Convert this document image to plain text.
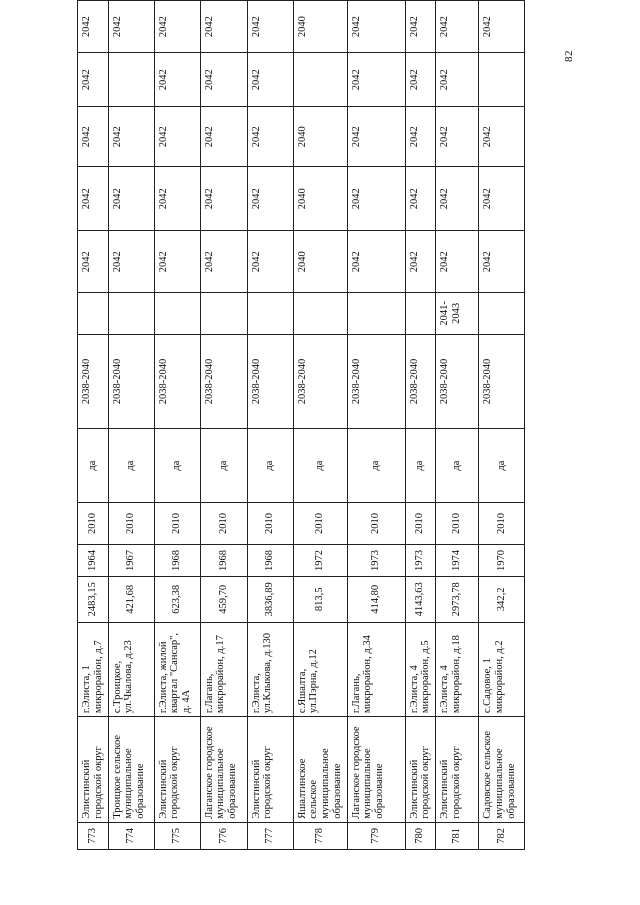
773	Элистинский городской округ	г.Элиста, 1 микрорайон, д.7	2483,15	1964	2010	да	2038-2040		2042	2042	2042	2042	2042
774	Троицкое сельское муниципальное образование	с.Троицкое, ул.Чкалова, д.23	421,68	1967	2010	да	2038-2040		2042	2042	2042		2042
775	Элистинский городской округ	г.Элиста, жилой квартал "Сансар", д. 4А	623,38	1968	2010	да	2038-2040		2042	2042	2042	2042	2042
776	Лаганское городское муниципальное образование	г.Лагань, микрорайон, д.17	459,70	1968	2010	да	2038-2040		2042	2042	2042	2042	2042
777	Элистинский городской округ	г.Элиста, ул.Клыкова, д.130	3836,89	1968	2010	да	2038-2040		2042	2042	2042	2042	2042
778	Яшалтинское сельское муниципальное образование	с.Яшалта, ул.Пэрна, д.12	813,5	1972	2010	да	2038-2040		2040	2040	2040		2040
779	Лаганское городское муниципальное образование	г.Лагань, микрорайон, д.34	414,80	1973	2010	да	2038-2040		2042	2042	2042	2042	2042
780	Элистинский городской округ	г.Элиста, 4 микрорайон, д.5	4143,63	1973	2010	да	2038-2040		2042	2042	2042	2042	2042
781	Элистинский городской округ	г.Элиста, 4 микрорайон, д.18	2973,78	1974	2010	да	2038-2040	2041-2043	2042	2042	2042	2042	2042
782	Садовское сельское муниципальное образование	с.Садовое, 1 микрорайон, д.2	342,2	1970	2010	да	2038-2040		2042	2042	2042		2042
82
